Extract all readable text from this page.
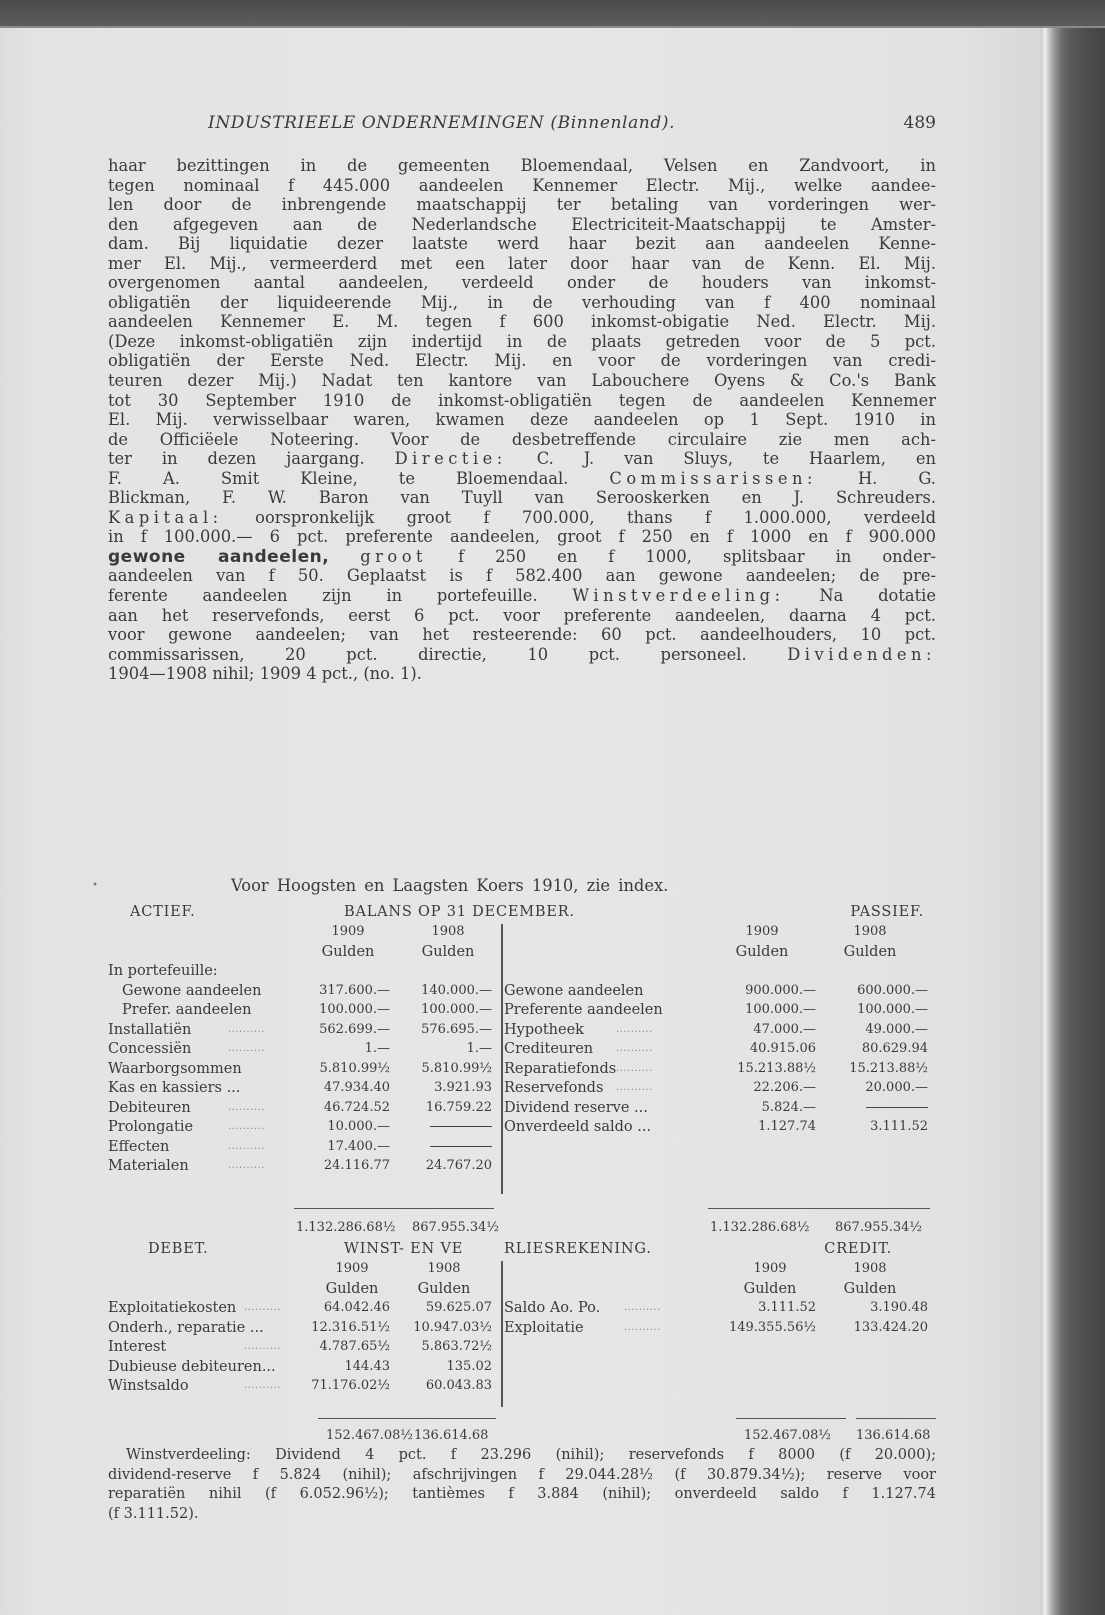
INDUSTRIEELE ONDERNEMINGEN (Binnenland).	489
haar bezittingen in de gemeenten Bloemendaal, Velsen en Zandvoort, in
tegen nominaal f 445.000 aandeelen Kennemer Electr. Mij., welke aandee-
len door de inbrengende maatschappij ter betaling van vorderingen wer-
den afgegeven aan de Nederlandsche Electriciteit-Maatschappij te Amster-
dam. Bij liquidatie dezer laatste werd haar bezit aan aandeelen Kenne-
mer El. Mij., vermeerderd met een later door haar van de Kenn. El. Mij.
overgenomen aantal aandeelen, verdeeld onder de houders van inkomst-
obligatiën der liquideerende Mij., in de verhouding van f 400 nominaal
aandeelen Kennemer E. M. tegen f 600 inkomst-obigatie Ned. Electr. Mij.
(Deze inkomst-obligatiën zijn indertijd in de plaats getreden voor de 5 pct.
obligatiën der Eerste Ned. Electr. Mij. en voor de vorderingen van credi-
teuren dezer Mij.) Nadat ten kantore van Labouchere Oyens & Co.'s Bank
tot 30 September 1910 de inkomst-obligatiën tegen de aandeelen Kennemer
El. Mij. verwisselbaar waren, kwamen deze aandeelen op 1 Sept. 1910 in
de Officiëele Noteering. Voor de desbetreffende circulaire zie men ach-
ter in dezen jaargang. Directie: C. J. van Sluys, te Haarlem, en
F. A. Smit Kleine, te Bloemendaal.	Commissarissen:	H. G.
Blickman, F. W. Baron van Tuyll van Serooskerken en J. Schreuders.
Kapitaal: oorspronkelijk groot f 700.000, thans f 1.000.000, verdeeld
in f 100.000.— 6 pct. preferente aandeelen, groot f 250 en f 1000 en f 900.000
gewone aandeelen, groot f 250 en f 1000, splitsbaar in onder-
aandeelen van f 50. Geplaatst is f 582.400 aan gewone aandeelen; de pre-
ferente aandeelen zijn in portefeuille. Winstverdeeling: Na dotatie
aan het reservefonds, eerst 6 pct. voor preferente aandeelen, daarna 4 pct.
voor gewone aandeelen; van het resteerende: 60 pct. aandeelhouders, 10 pct.
commissarissen, 20 pct. directie, 10 pct. personeel. Dividenden:
1904—1908 nihil; 1909 4 pct., (no. 1).
•	Voor Hoogsten en Laagsten Koers 1910, zie index.
ACTIEF.	BALANS OP 31 DECEMBER.	PASSIEF.
1909	1908
Gulden	Gulden
In portefeuille:
Gewone aandeelen	317.600.— 140.000.—
Prefer. aandeelen	100.000.— 100.000.—
Installatiën	..........	562.699.— 576.695.—
Concessiën	..........	1.—	1.—
Waarborgsommen	5.810.99½ 5.810.99½
Kas en kassiers ...	47.934.40	3.921.93
Debiteuren	..........	46.724.52	16.759.22
Prolongatie	..........	10.000.—
Effecten	..........	17.400.—
Materialen	..........	24.116.77	24.767.20
1909	1908
Gulden	Gulden
Gewone aandeelen	900.000.—	600.000.—
Preferente aandeelen	100.000.—	100.000.—
Hypotheek	..........	47.000.—	49.000.—
Crediteuren ..........	40.915.06	80.629.94
Reparatiefonds ..........	15.213.88½	15.213.88½
Reservefonds ..........	22.206.—	20.000.—
Dividend reserve ...	5.824.—
Onverdeeld saldo ...	1.127.74	3.111.52
1.132.286.68½ 867.955.34½	1.132.286.68½ 867.955.34½
DEBET.	WINST- EN VE	RLIESREKENING.	CREDIT.
1909	1908
Gulden	Gulden
Exploitatiekosten ..........	64.042.46	59.625.07
Onderh., reparatie ...	12.316.51½ 10.947.03½
Interest	..........	4.787.65½ 5.863.72½
Dubieuse debiteuren...	144.43	135.02
Winstsaldo	.......... 71.176.02½	60.043.83
1909	1908
Gulden	Gulden
Saldo Ao. Po. ..........	3.111.52	3.190.48
Exploitatie	..........	149.355.56½	133.424.20
152.467.08½ 136.614.68	152.467.08½ 136.614.68
Winstverdeeling: Dividend 4 pct. f 23.296 (nihil); reservefonds f 8000 (f 20.000);
dividend-reserve f 5.824 (nihil); afschrijvingen f 29.044.28½ (f 30.879.34½); reserve voor
reparatiën nihil (f 6.052.96½); tantièmes f 3.884 (nihil); onverdeeld saldo f 1.127.74
(f 3.111.52).
